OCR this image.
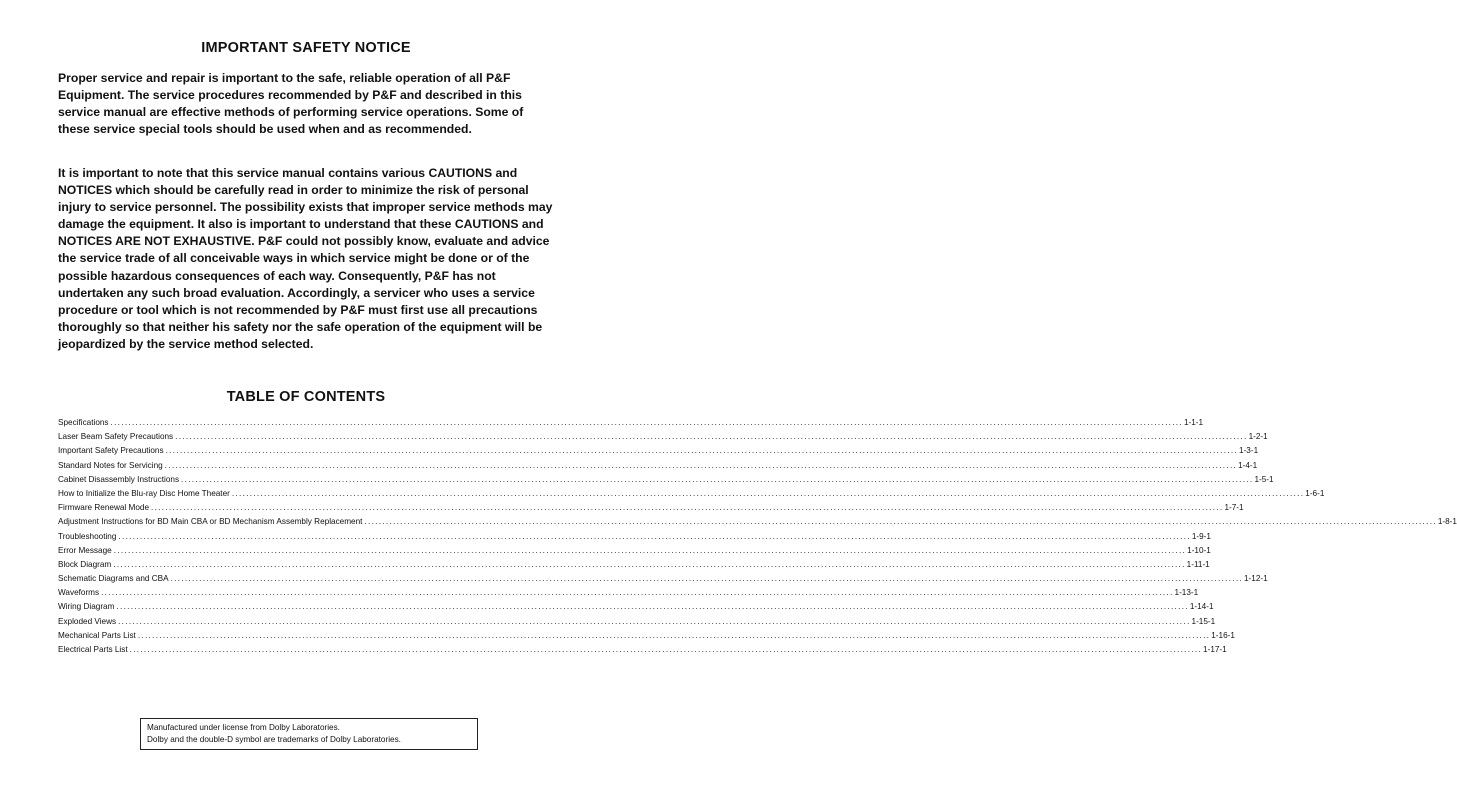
IMPORTANT SAFETY NOTICE

Proper service and repair is important to the safe, reliable operation of all P&F Equipment. The service procedures recommended by P&F and described in this service manual are effective methods of performing service operations. Some of these service special tools should be used when and as recommended.

It is important to note that this service manual contains various CAUTIONS and NOTICES which should be carefully read in order to minimize the risk of personal injury to service personnel. The possibility exists that improper service methods may damage the equipment. It also is important to understand that these CAUTIONS and NOTICES ARE NOT EXHAUSTIVE. P&F could not possibly know, evaluate and advice the service trade of all conceivable ways in which service might be done or of the possible hazardous consequences of each way. Consequently, P&F has not undertaken any such broad evaluation. Accordingly, a servicer who uses a service procedure or tool which is not recommended by P&F must first use all precautions thoroughly so that neither his safety nor the safe operation of the equipment will be jeopardized by the service method selected.

TABLE OF CONTENTS
Specifications ............................................................................................................................................................................................................................................................................................................ 1-1-1
Laser Beam Safety Precautions ............................................................................................................................................................................................................................................................................................................ 1-2-1
Important Safety Precautions ............................................................................................................................................................................................................................................................................................................ 1-3-1
Standard Notes for Servicing ............................................................................................................................................................................................................................................................................................................ 1-4-1
Cabinet Disassembly Instructions ............................................................................................................................................................................................................................................................................................................ 1-5-1
How to Initialize the Blu-ray Disc Home Theater ............................................................................................................................................................................................................................................................................................................ 1-6-1
Firmware Renewal Mode ............................................................................................................................................................................................................................................................................................................ 1-7-1
Adjustment Instructions for BD Main CBA or BD Mechanism Assembly Replacement ............................................................................................................................................................................................................................................................................................................ 1-8-1
Troubleshooting ............................................................................................................................................................................................................................................................................................................ 1-9-1
Error Message ............................................................................................................................................................................................................................................................................................................ 1-10-1
Block Diagram ............................................................................................................................................................................................................................................................................................................ 1-11-1
Schematic Diagrams and CBA ............................................................................................................................................................................................................................................................................................................ 1-12-1
Waveforms ............................................................................................................................................................................................................................................................................................................ 1-13-1
Wiring Diagram ............................................................................................................................................................................................................................................................................................................ 1-14-1
Exploded Views ............................................................................................................................................................................................................................................................................................................ 1-15-1
Mechanical Parts List ............................................................................................................................................................................................................................................................................................................ 1-16-1
Electrical Parts List ............................................................................................................................................................................................................................................................................................................ 1-17-1
Manufactured under license from Dolby Laboratories.
Dolby and the double-D symbol are trademarks of Dolby Laboratories.
